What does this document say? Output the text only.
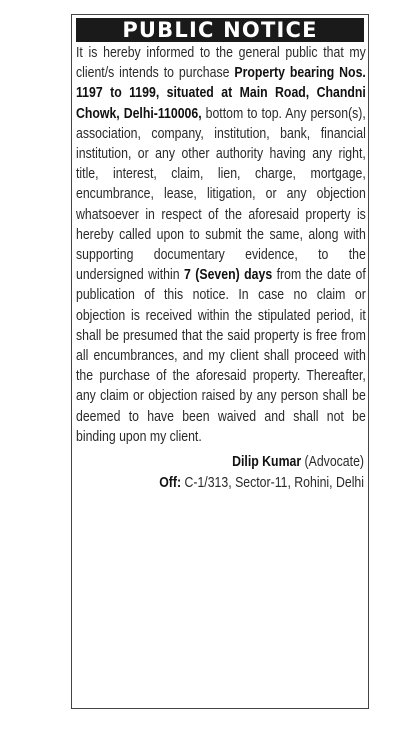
PUBLIC NOTICE
It is hereby informed to the general public that my client/s intends to purchase Property bearing Nos. 1197 to 1199, situated at Main Road, Chandni Chowk, Delhi-110006, bottom to top. Any person(s), association, company, institution, bank, financial institution, or any other authority having any right, title, interest, claim, lien, charge, mortgage, encumbrance, lease, litigation, or any objection whatsoever in respect of the aforesaid property is hereby called upon to submit the same, along with supporting documentary evidence, to the undersigned within 7 (Seven) days from the date of publication of this notice. In case no claim or objection is received within the stipulated period, it shall be presumed that the said property is free from all encumbrances, and my client shall proceed with the purchase of the aforesaid property. Thereafter, any claim or objection raised by any person shall be deemed to have been waived and shall not be binding upon my client.
Dilip Kumar (Advocate)
Off: C-1/313, Sector-11, Rohini, Delhi
